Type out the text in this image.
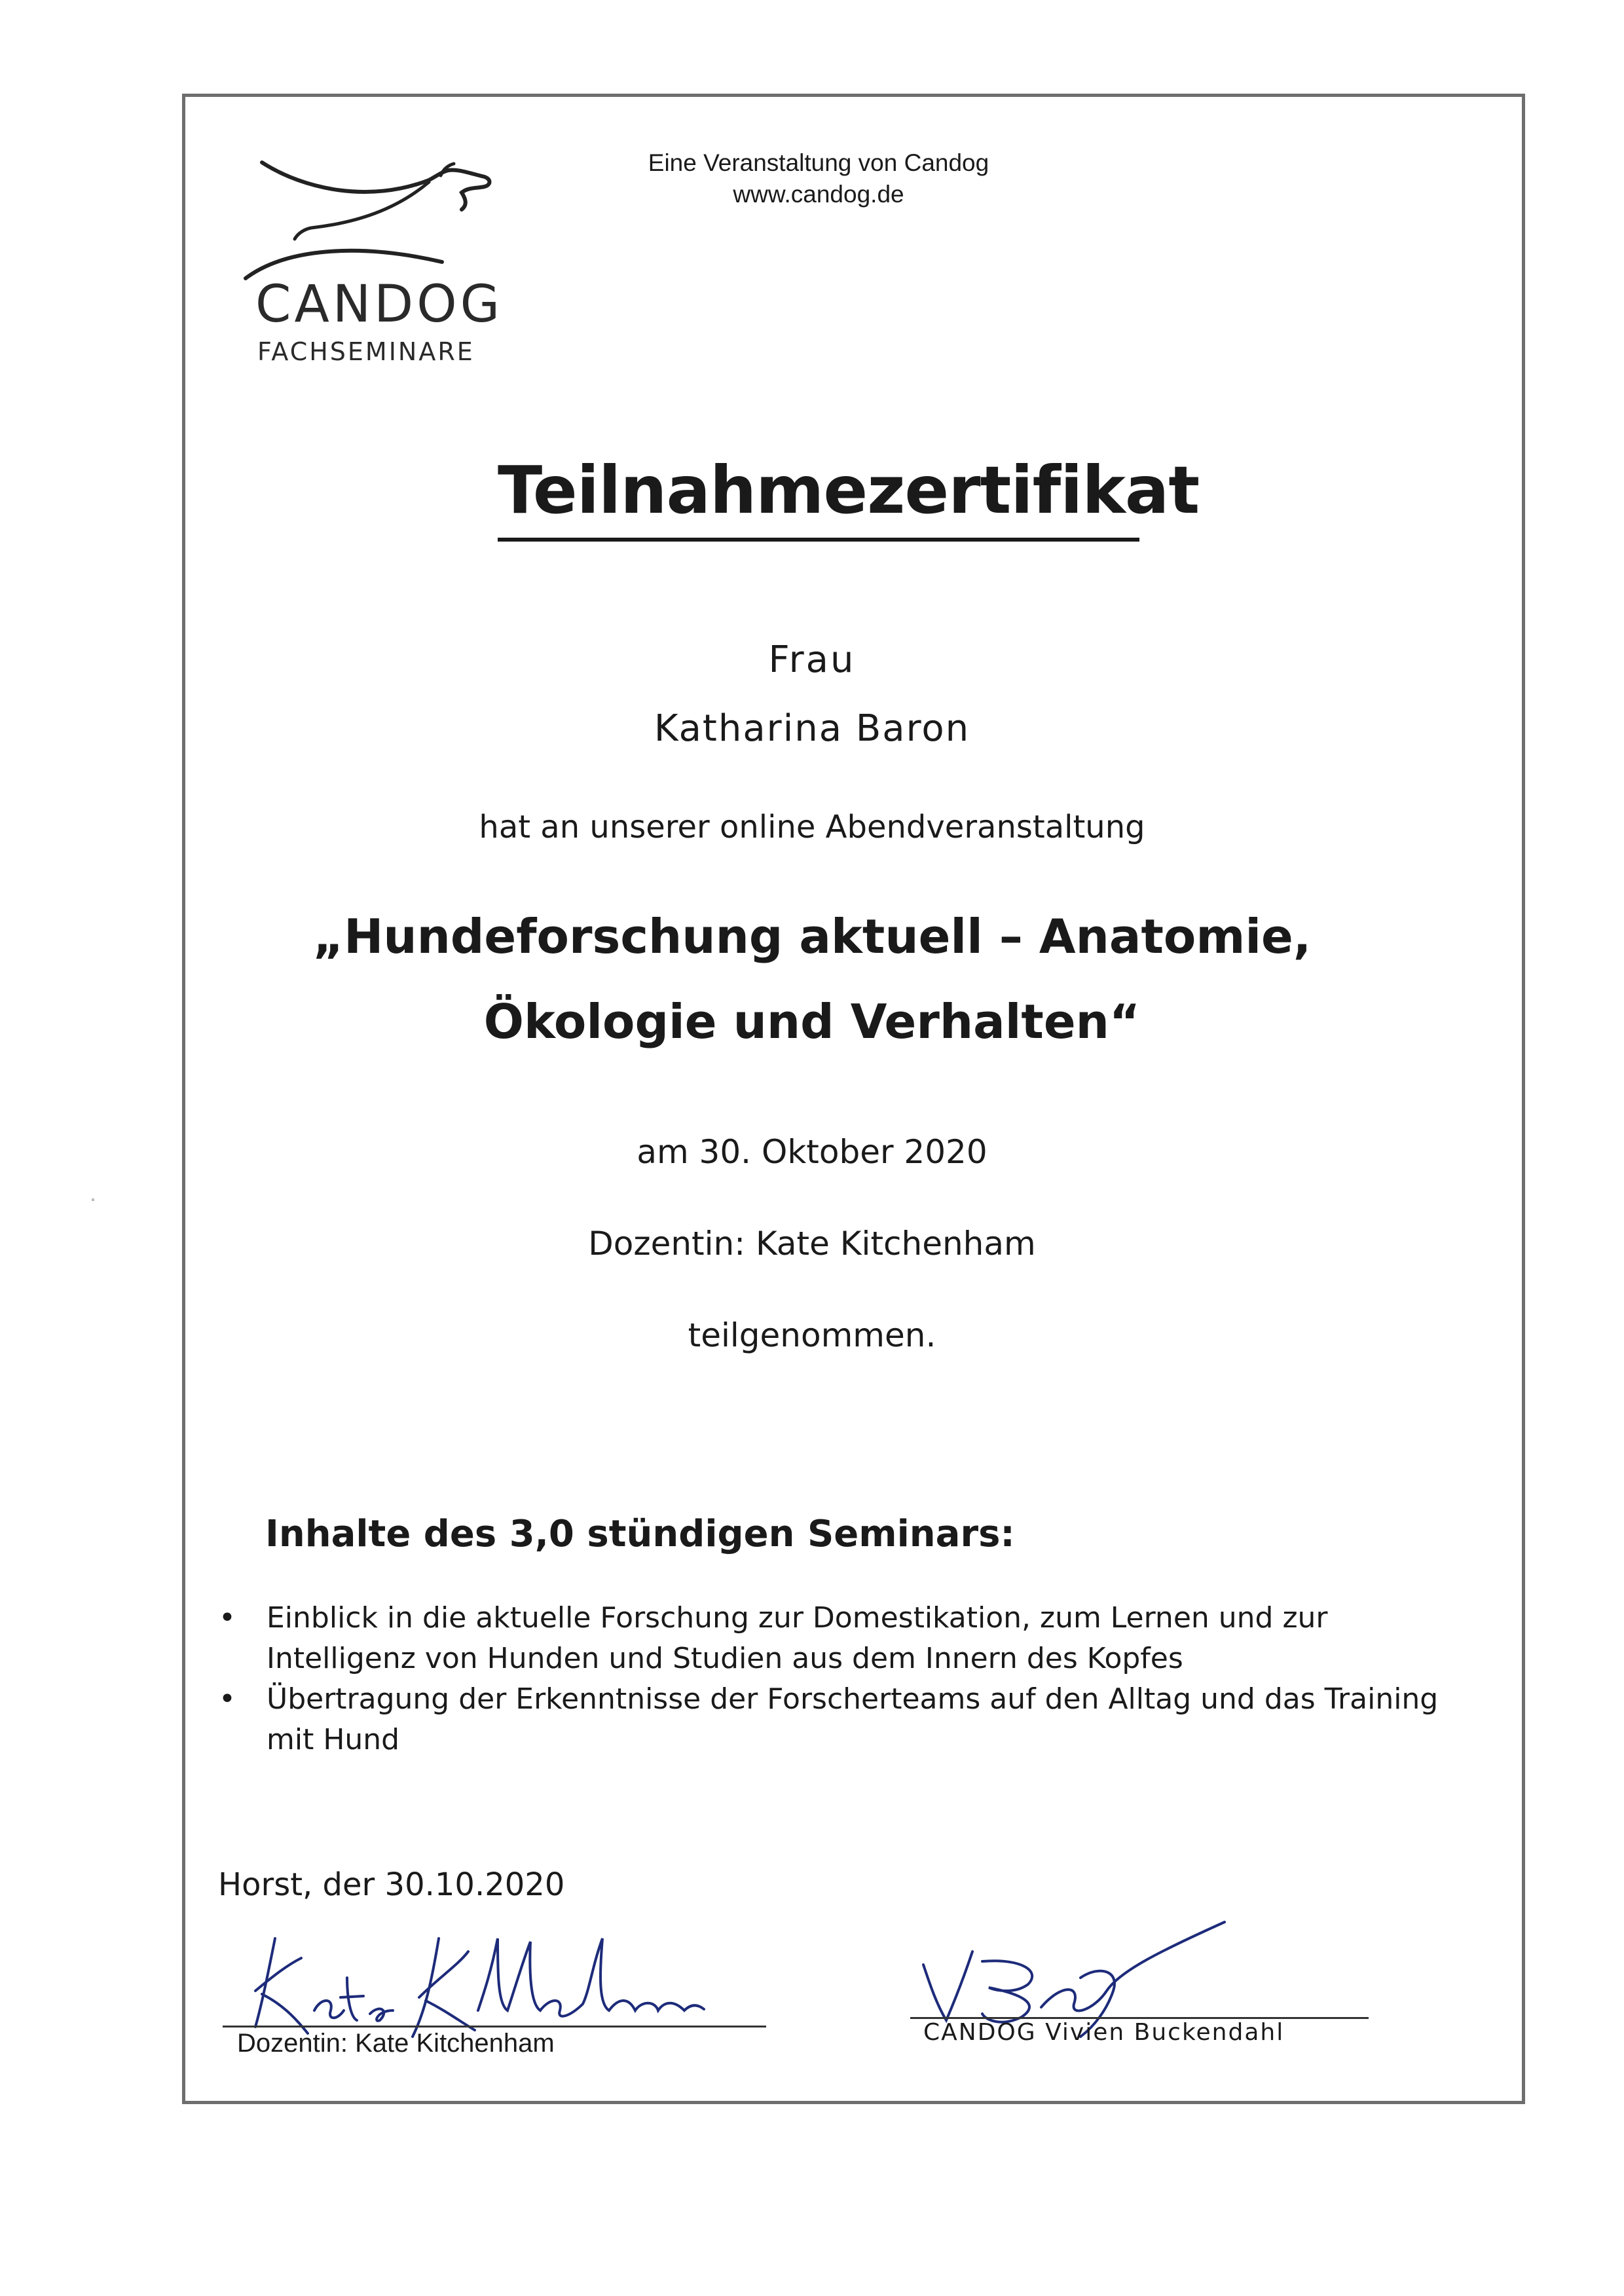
CANDOG
FACHSEMINARE
Eine Veranstaltung von Candog
www.candog.de
Teilnahmezertifikat
Frau
Katharina Baron
hat an unserer online Abendveranstaltung
„Hundeforschung aktuell – Anatomie, Ökologie und Verhalten“
am 30. Oktober 2020
Dozentin: Kate Kitchenham
teilgenommen.
Inhalte des 3,0 stündigen Seminars:
• Einblick in die aktuelle Forschung zur Domestikation, zum Lernen und zur Intelligenz von Hunden und Studien aus dem Innern des Kopfes
• Übertragung der Erkenntnisse der Forscherteams auf den Alltag und das Training mit Hund
Horst, der 30.10.2020
Dozentin: Kate Kitchenham	CANDOG Vivien Buckendahl
